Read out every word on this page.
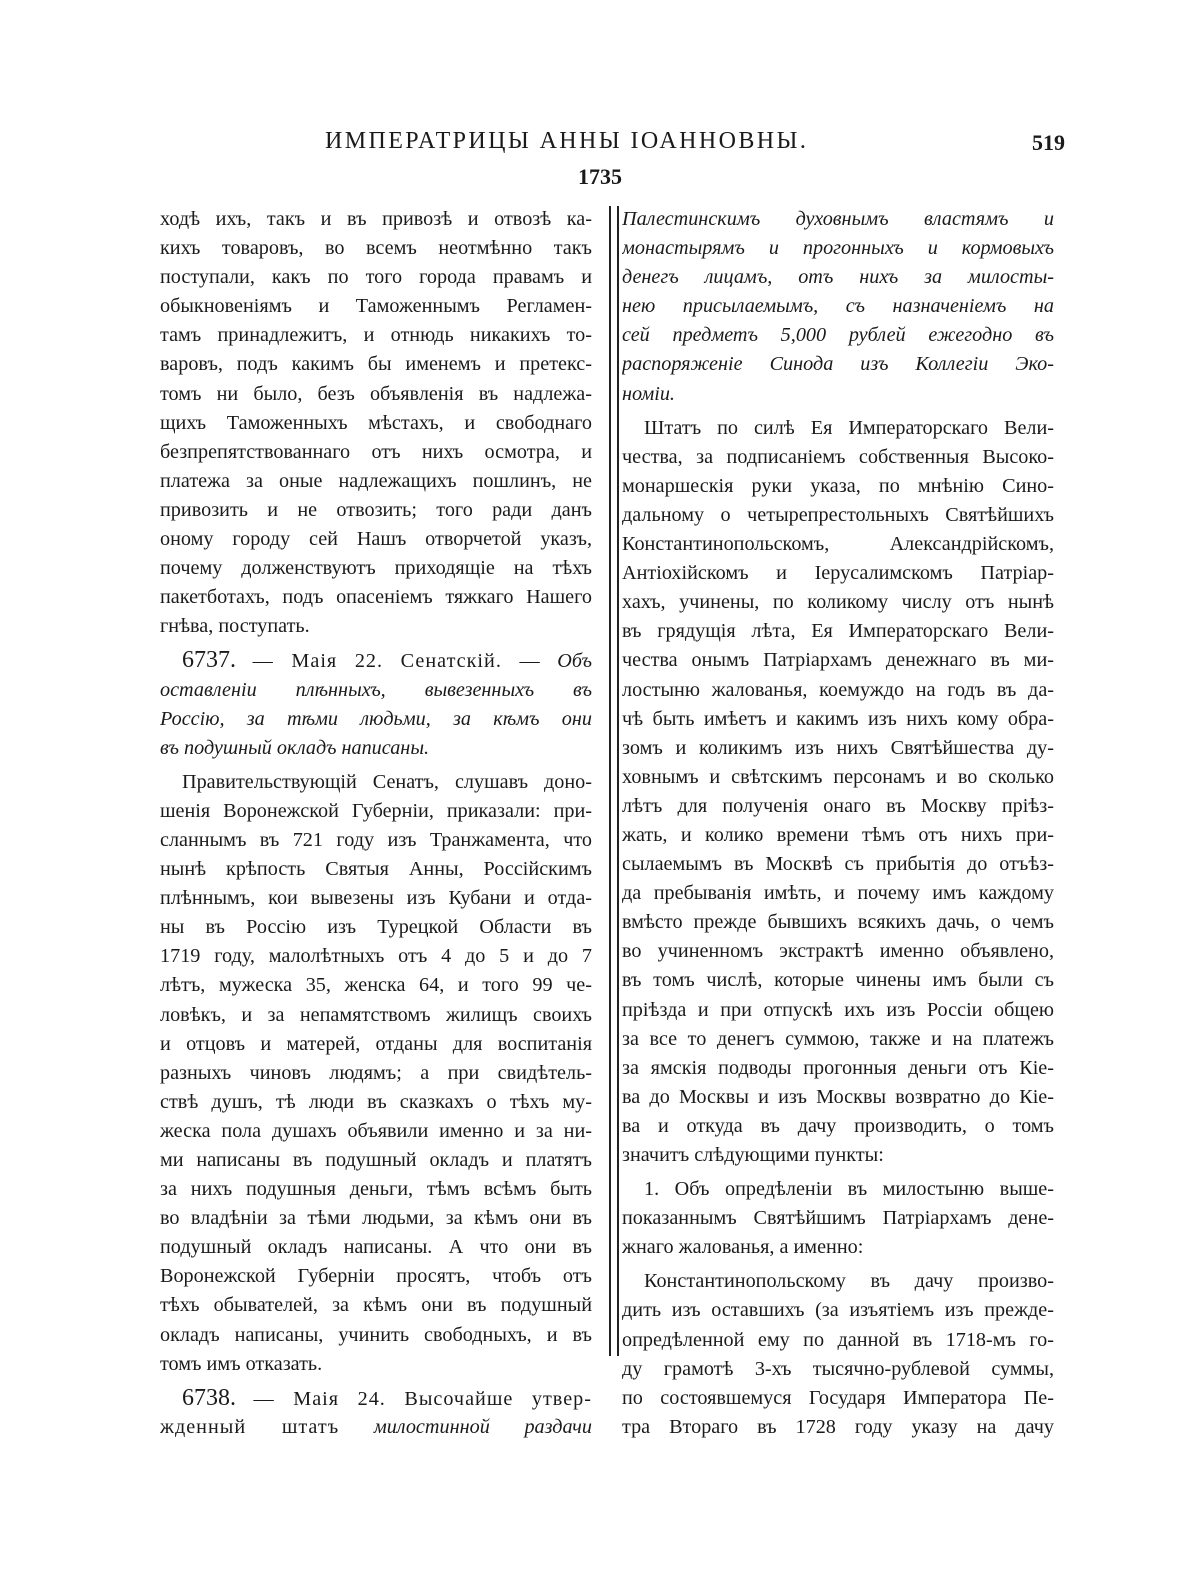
ИМПЕРАТРИЦЫ АННЫ ІОАННОВНЫ.	519
1735
ходѣ ихъ, такъ и въ привозѣ и отвозѣ ка-
кихъ товаровъ, во всемъ неотмѣнно такъ
поступали, какъ по того города правамъ и
обыкновеніямъ и Таможеннымъ Регламен-
тамъ принадлежитъ, и отнюдь никакихъ то-
варовъ, подъ какимъ бы именемъ и претекс-
томъ ни было, безъ объявленія въ надлежа-
щихъ Таможенныхъ мѣстахъ, и свободнаго
безпрепятствованнаго отъ нихъ осмотра, и
платежа за оные надлежащихъ пошлинъ, не
привозить и не отвозить; того ради данъ
оному городу сей Нашъ отворчетой указъ,
почему долженствуютъ приходящіе на тѣхъ
пакетботахъ, подъ опасеніемъ тяжкаго Нашего
гнѣва, поступать.
6737. — Маія 22. Сенатскій. — Объ
оставленіи плѣнныхъ, вывезенныхъ въ
Россію, за тѣми людьми, за кѣмъ они
въ подушный окладъ написаны.
Правительствующій Сенатъ, слушавъ доно-
шенія Воронежской Губерніи, приказали: при-
сланнымъ въ 721 году изъ Транжамента, что
нынѣ крѣпость Святыя Анны, Россійскимъ
плѣннымъ, кои вывезены изъ Кубани и отда-
ны въ Россію изъ Турецкой Области въ
1719 году, малолѣтныхъ отъ 4 до 5 и до 7
лѣтъ, мужеска 35, женска 64, и того 99 че-
ловѣкъ, и за непамятствомъ жилищъ своихъ
и отцовъ и матерей, отданы для воспитанія
разныхъ чиновъ людямъ; а при свидѣтель-
ствѣ душъ, тѣ люди въ сказкахъ о тѣхъ му-
жеска пола душахъ объявили именно и за ни-
ми написаны въ подушный окладъ и платятъ
за нихъ подушныя деньги, тѣмъ всѣмъ быть
во владѣніи за тѣми людьми, за кѣмъ они въ
подушный окладъ написаны. А что они въ
Воронежской Губерніи просятъ, чтобъ отъ
тѣхъ обывателей, за кѣмъ они въ подушный
окладъ написаны, учинить свободныхъ, и въ
томъ имъ отказать.
6738. — Маія 24. Высочайше утвер-
жденный штатъ милостинной раздачи
Палестинскимъ духовнымъ властямъ и
монастырямъ и прогонныхъ и кормовыхъ
денегъ лицамъ, отъ нихъ за милосты-
нею присылаемымъ, съ назначеніемъ на
сей предметъ 5,000 рублей ежегодно въ
распоряженіе Синода изъ Коллегіи Эко-
номіи.
Штатъ по силѣ Ея Императорскаго Вели-
чества, за подписаніемъ собственныя Высоко-
монаршескія руки указа, по мнѣнію Сино-
дальному о четырепрестольныхъ Святѣйшихъ
Константинопольскомъ, Александрійскомъ,
Антіохійскомъ и Іерусалимскомъ Патріар-
хахъ, учинены, по коликому числу отъ нынѣ
въ грядущія лѣта, Ея Императорскаго Вели-
чества онымъ Патріархамъ денежнаго въ ми-
лостыню жалованья, коемуждо на годъ въ да-
чѣ быть имѣетъ и какимъ изъ нихъ кому обра-
зомъ и коликимъ изъ нихъ Святѣйшества ду-
ховнымъ и свѣтскимъ персонамъ и во сколько
лѣтъ для полученія онаго въ Москву пріѣз-
жать, и колико времени тѣмъ отъ нихъ при-
сылаемымъ въ Москвѣ съ прибытія до отъѣз-
да пребыванія имѣть, и почему имъ каждому
вмѣсто прежде бывшихъ всякихъ дачь, о чемъ
во учиненномъ экстрактѣ именно объявлено,
въ томъ числѣ, которые чинены имъ были съ
пріѣзда и при отпускѣ ихъ изъ Россіи общею
за все то денегъ суммою, также и на платежъ
за ямскія подводы прогонныя деньги отъ Кіе-
ва до Москвы и изъ Москвы возвратно до Кіе-
ва и откуда въ дачу производить, о томъ
значитъ слѣдующими пункты:
1. Объ опредѣленіи въ милостыню выше-
показаннымъ Святѣйшимъ Патріархамъ дене-
жнаго жалованья, а именно:
Константинопольскому въ дачу произво-
дить изъ оставшихъ (за изъятіемъ изъ прежде-
опредѣленной ему по данной въ 1718-мъ го-
ду грамотѣ 3-хъ тысячно-рублевой суммы,
по состоявшемуся Государя Императора Пе-
тра Втораго въ 1728 году указу на дачу
